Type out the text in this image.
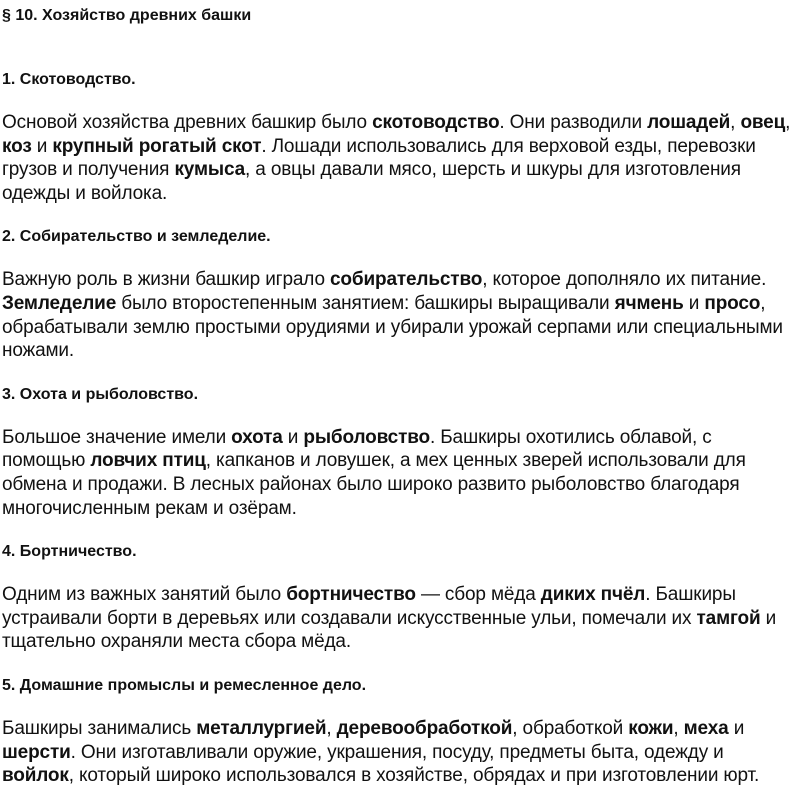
§ 10. Хозяйство древних башки
1. Скотоводство.
Основой хозяйства древних башкир было скотоводство. Они разводили лошадей, овец, коз и крупный рогатый скот. Лошади использовались для верховой езды, перевозки грузов и получения кумыса, а овцы давали мясо, шерсть и шкуры для изготовления одежды и войлока.
2. Собирательство и земледелие.
Важную роль в жизни башкир играло собирательство, которое дополняло их питание. Земледелие было второстепенным занятием: башкиры выращивали ячмень и просо, обрабатывали землю простыми орудиями и убирали урожай серпами или специальными ножами.
3. Охота и рыболовство.
Большое значение имели охота и рыболовство. Башкиры охотились облавой, с помощью ловчих птиц, капканов и ловушек, а мех ценных зверей использовали для обмена и продажи. В лесных районах было широко развито рыболовство благодаря многочисленным рекам и озёрам.
4. Бортничество.
Одним из важных занятий было бортничество — сбор мёда диких пчёл. Башкиры устраивали борти в деревьях или создавали искусственные ульи, помечали их тамгой и тщательно охраняли места сбора мёда.
5. Домашние промыслы и ремесленное дело.
Башкиры занимались металлургией, деревообработкой, обработкой кожи, меха и шерсти. Они изготавливали оружие, украшения, посуду, предметы быта, одежду и войлок, который широко использовался в хозяйстве, обрядах и при изготовлении юрт.
